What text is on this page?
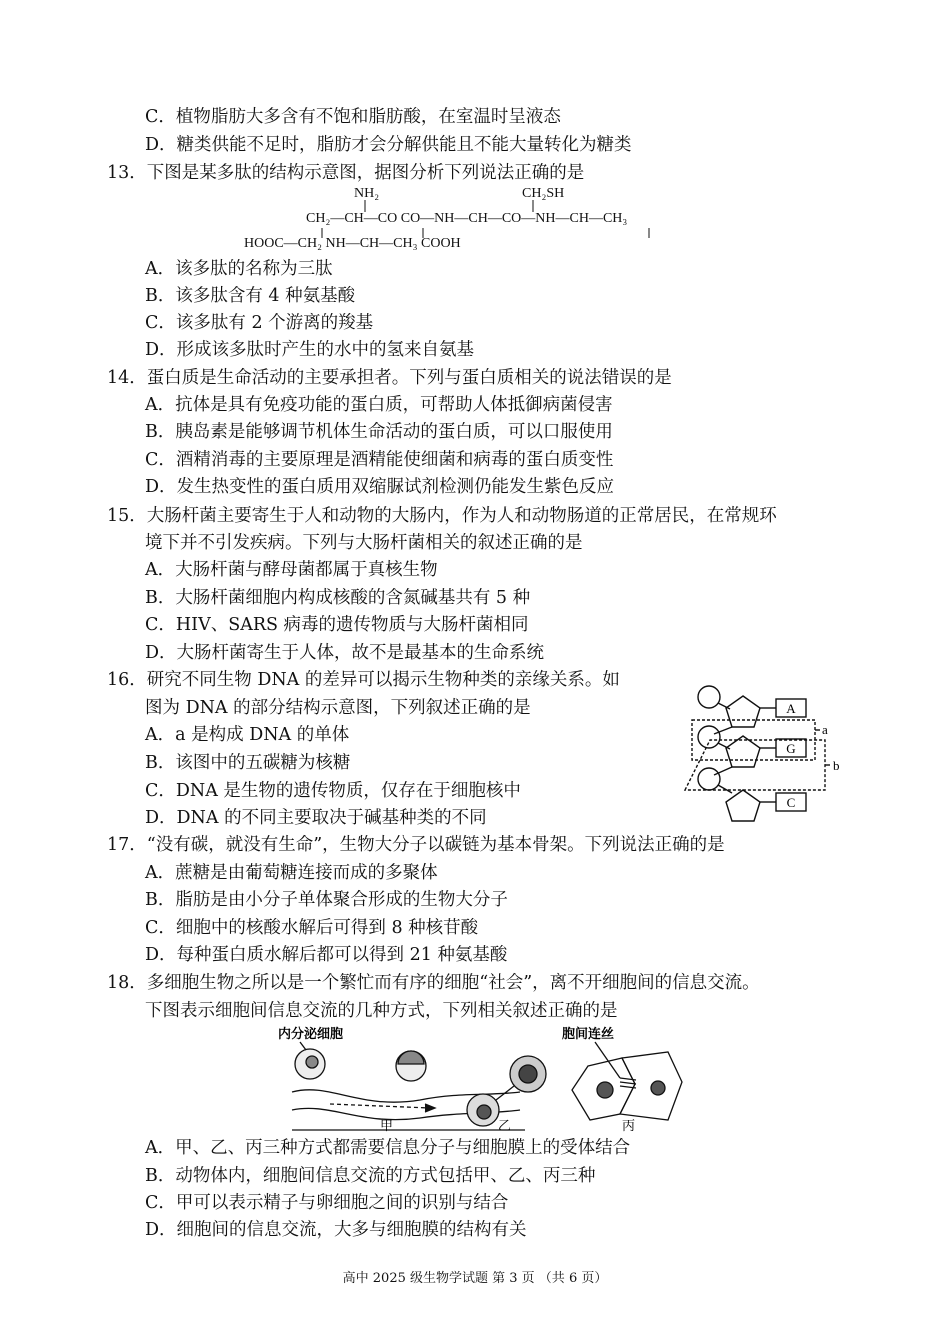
C．植物脂肪大多含有不饱和脂肪酸，在室温时呈液态
D．糖类供能不足时，脂肪才会分解供能且不能大量转化为糖类
13．下图是某多肽的结构示意图，据图分析下列说法正确的是
NH₂	CH₂SH
CH₂—CH—CO CO—NH—CH—CO—NH—CH—CH₃
HOOC—CH₂ NH—CH—CH₃ COOH
A．该多肽的名称为三肽
B．该多肽含有 4 种氨基酸
C．该多肽有 2 个游离的羧基
D．形成该多肽时产生的水中的氢来自氨基
14．蛋白质是生命活动的主要承担者。下列与蛋白质相关的说法错误的是
A．抗体是具有免疫功能的蛋白质，可帮助人体抵御病菌侵害
B．胰岛素是能够调节机体生命活动的蛋白质，可以口服使用
C．酒精消毒的主要原理是酒精能使细菌和病毒的蛋白质变性
D．发生热变性的蛋白质用双缩脲试剂检测仍能发生紫色反应
15．大肠杆菌主要寄生于人和动物的大肠内，作为人和动物肠道的正常居民，在常规环
境下并不引发疾病。下列与大肠杆菌相关的叙述正确的是
A．大肠杆菌与酵母菌都属于真核生物
B．大肠杆菌细胞内构成核酸的含氮碱基共有 5 种
C．HIV、SARS 病毒的遗传物质与大肠杆菌相同
D．大肠杆菌寄生于人体，故不是最基本的生命系统
16．研究不同生物 DNA 的差异可以揭示生物种类的亲缘关系。如
图为 DNA 的部分结构示意图，下列叙述正确的是
A．a 是构成 DNA 的单体
B．该图中的五碳糖为核糖
C．DNA 是生物的遗传物质，仅存在于细胞核中
D．DNA 的不同主要取决于碱基种类的不同
A
G
C
a
b
17．“没有碳，就没有生命”，生物大分子以碳链为基本骨架。下列说法正确的是
A．蔗糖是由葡萄糖连接而成的多聚体
B．脂肪是由小分子单体聚合形成的生物大分子
C．细胞中的核酸水解后可得到 8 种核苷酸
D．每种蛋白质水解后都可以得到 21 种氨基酸
18．多细胞生物之所以是一个繁忙而有序的细胞“社会”，离不开细胞间的信息交流。
下图表示细胞间信息交流的几种方式，下列相关叙述正确的是
内分泌细胞	胞间连丝
甲	乙	丙
A．甲、乙、丙三种方式都需要信息分子与细胞膜上的受体结合
B．动物体内，细胞间信息交流的方式包括甲、乙、丙三种
C．甲可以表示精子与卵细胞之间的识别与结合
D．细胞间的信息交流，大多与细胞膜的结构有关
高中 2025 级生物学试题 第 3 页 （共 6 页）
